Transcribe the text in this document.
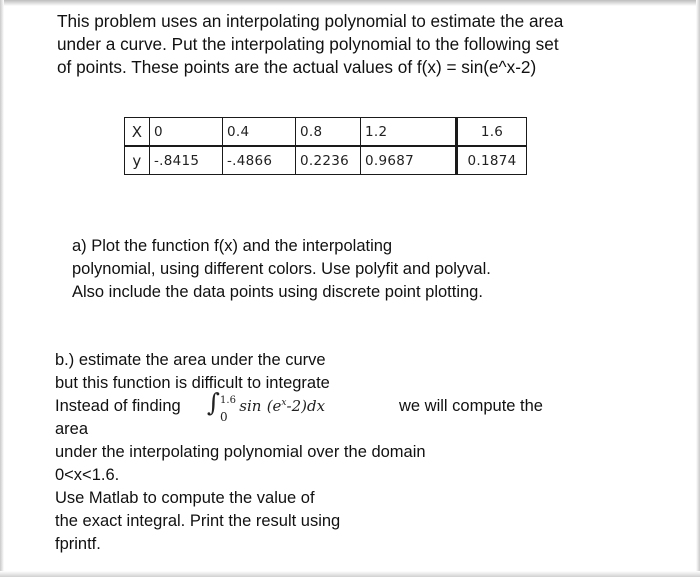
This problem uses an interpolating polynomial to estimate the area
under a curve. Put the interpolating polynomial to the following set
of points. These points are the actual values of f(x) = sin(e^x-2)
X	0	0.4	0.8	1.2	1.6
y	-.8415	-.4866	0.2236	0.9687	0.1874
a) Plot the function f(x) and the interpolating
polynomial, using different colors. Use polyfit and polyval.
Also include the data points using discrete point plotting.
b.) estimate the area under the curve
but this function is difficult to integrate
Instead of finding ∫ 1.6
0
$\sin (e^x-2)dx$	we will compute the
area
under the interpolating polynomial over the domain
0<x<1.6.
Use Matlab to compute the value of
the exact integral. Print the result using
fprintf.
